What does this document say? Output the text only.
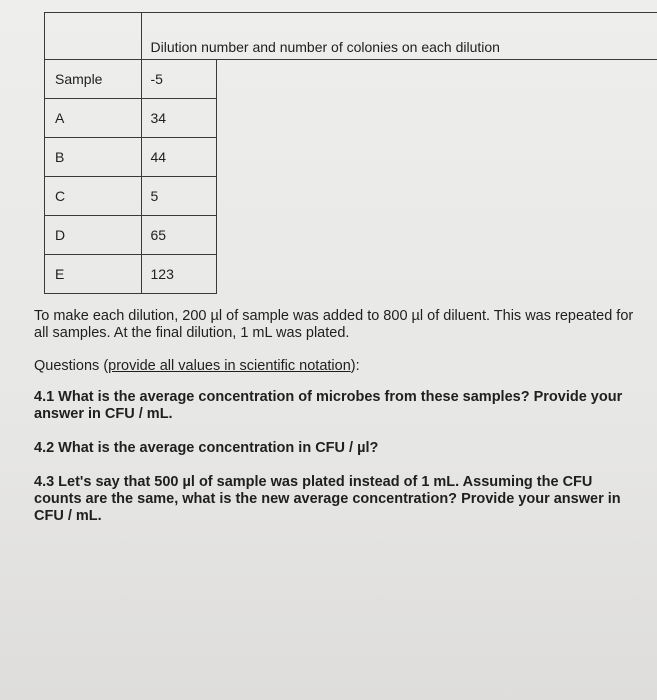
	Dilution number and number of colonies on each dilution	
Sample	-5	
A	34	
B	44	
C	5	
D	65	
E	123	

To make each dilution, 200 µl of sample was added to 800 µl of diluent. This was repeated for all samples. At the final dilution, 1 mL was plated.

Questions (provide all values in scientific notation):

4.1 What is the average concentration of microbes from these samples? Provide your answer in CFU / mL.

4.2 What is the average concentration in CFU / µl?

4.3 Let's say that 500 µl of sample was plated instead of 1 mL. Assuming the CFU counts are the same, what is the new average concentration? Provide your answer in CFU / mL.
